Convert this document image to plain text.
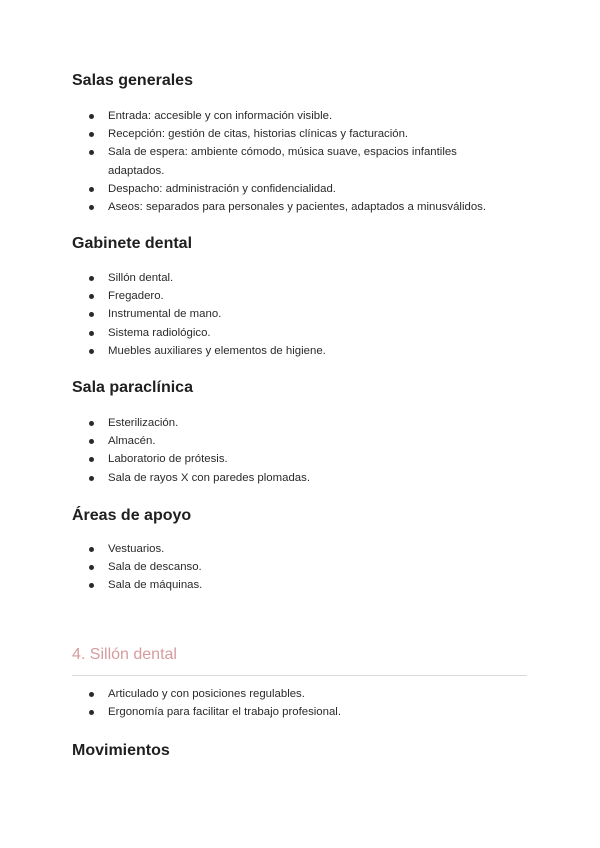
Salas generales
Entrada: accesible y con información visible.
Recepción: gestión de citas, historias clínicas y facturación.
Sala de espera: ambiente cómodo, música suave, espacios infantiles adaptados.
Despacho: administración y confidencialidad.
Aseos: separados para personales y pacientes, adaptados a minusválidos.
Gabinete dental
Sillón dental.
Fregadero.
Instrumental de mano.
Sistema radiológico.
Muebles auxiliares y elementos de higiene.
Sala paraclínica
Esterilización.
Almacén.
Laboratorio de prótesis.
Sala de rayos X con paredes plomadas.
Áreas de apoyo
Vestuarios.
Sala de descanso.
Sala de máquinas.
4. Sillón dental
Articulado y con posiciones regulables.
Ergonomía para facilitar el trabajo profesional.
Movimientos
